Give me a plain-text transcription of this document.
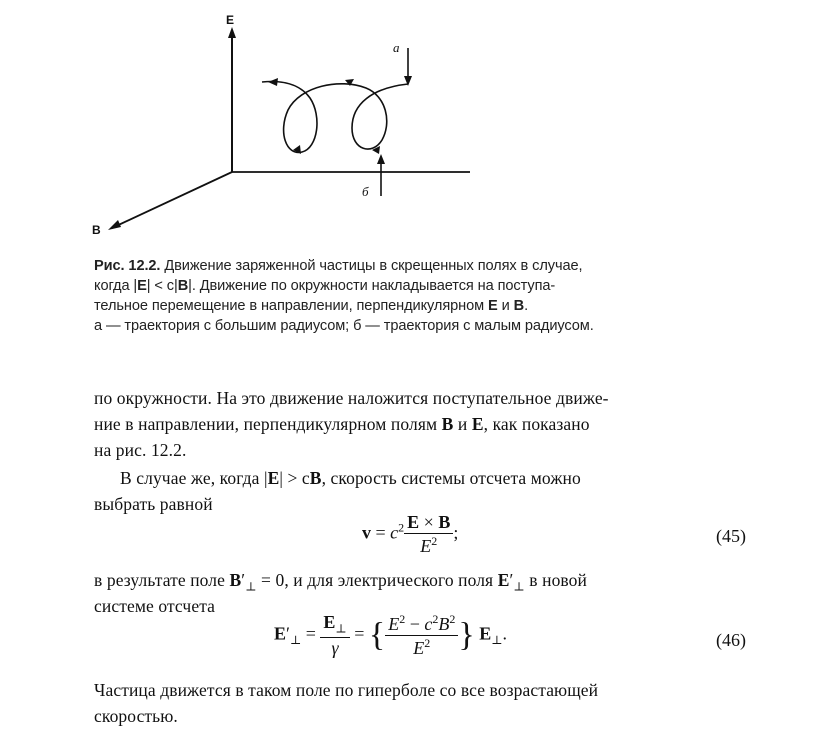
a
б
E
B
Рис. 12.2. Движение заряженной частицы в скрещенных полях в случае,
когда |E| < c|B|. Движение по окружности накладывается на поступа-
тельное перемещение в направлении, перпендикулярном E и B.
a — траектория с большим радиусом; б — траектория с малым радиусом.
по окружности. На это движение наложится поступательное движе-
ние в направлении, перпендикулярном полям B и E, как показано
на рис. 12.2.
В случае же, когда |E| > cB, скорость системы отсчета можно
выбрать равной
$v = c^2 \frac{E \times B}{E^2}$ ;	(45)
в результате поле $B'_\perp = 0$, и для электрического поля $E'_\perp$ в новой
системе отсчета
$E'_\perp = \frac{E_\perp}{\gamma}$ = { $\frac{E^2 - c^2B^2}{E^2}$ } $E_\perp$.	(46)
Частица движется в таком поле по гиперболе со все возрастающей
скоростью.
